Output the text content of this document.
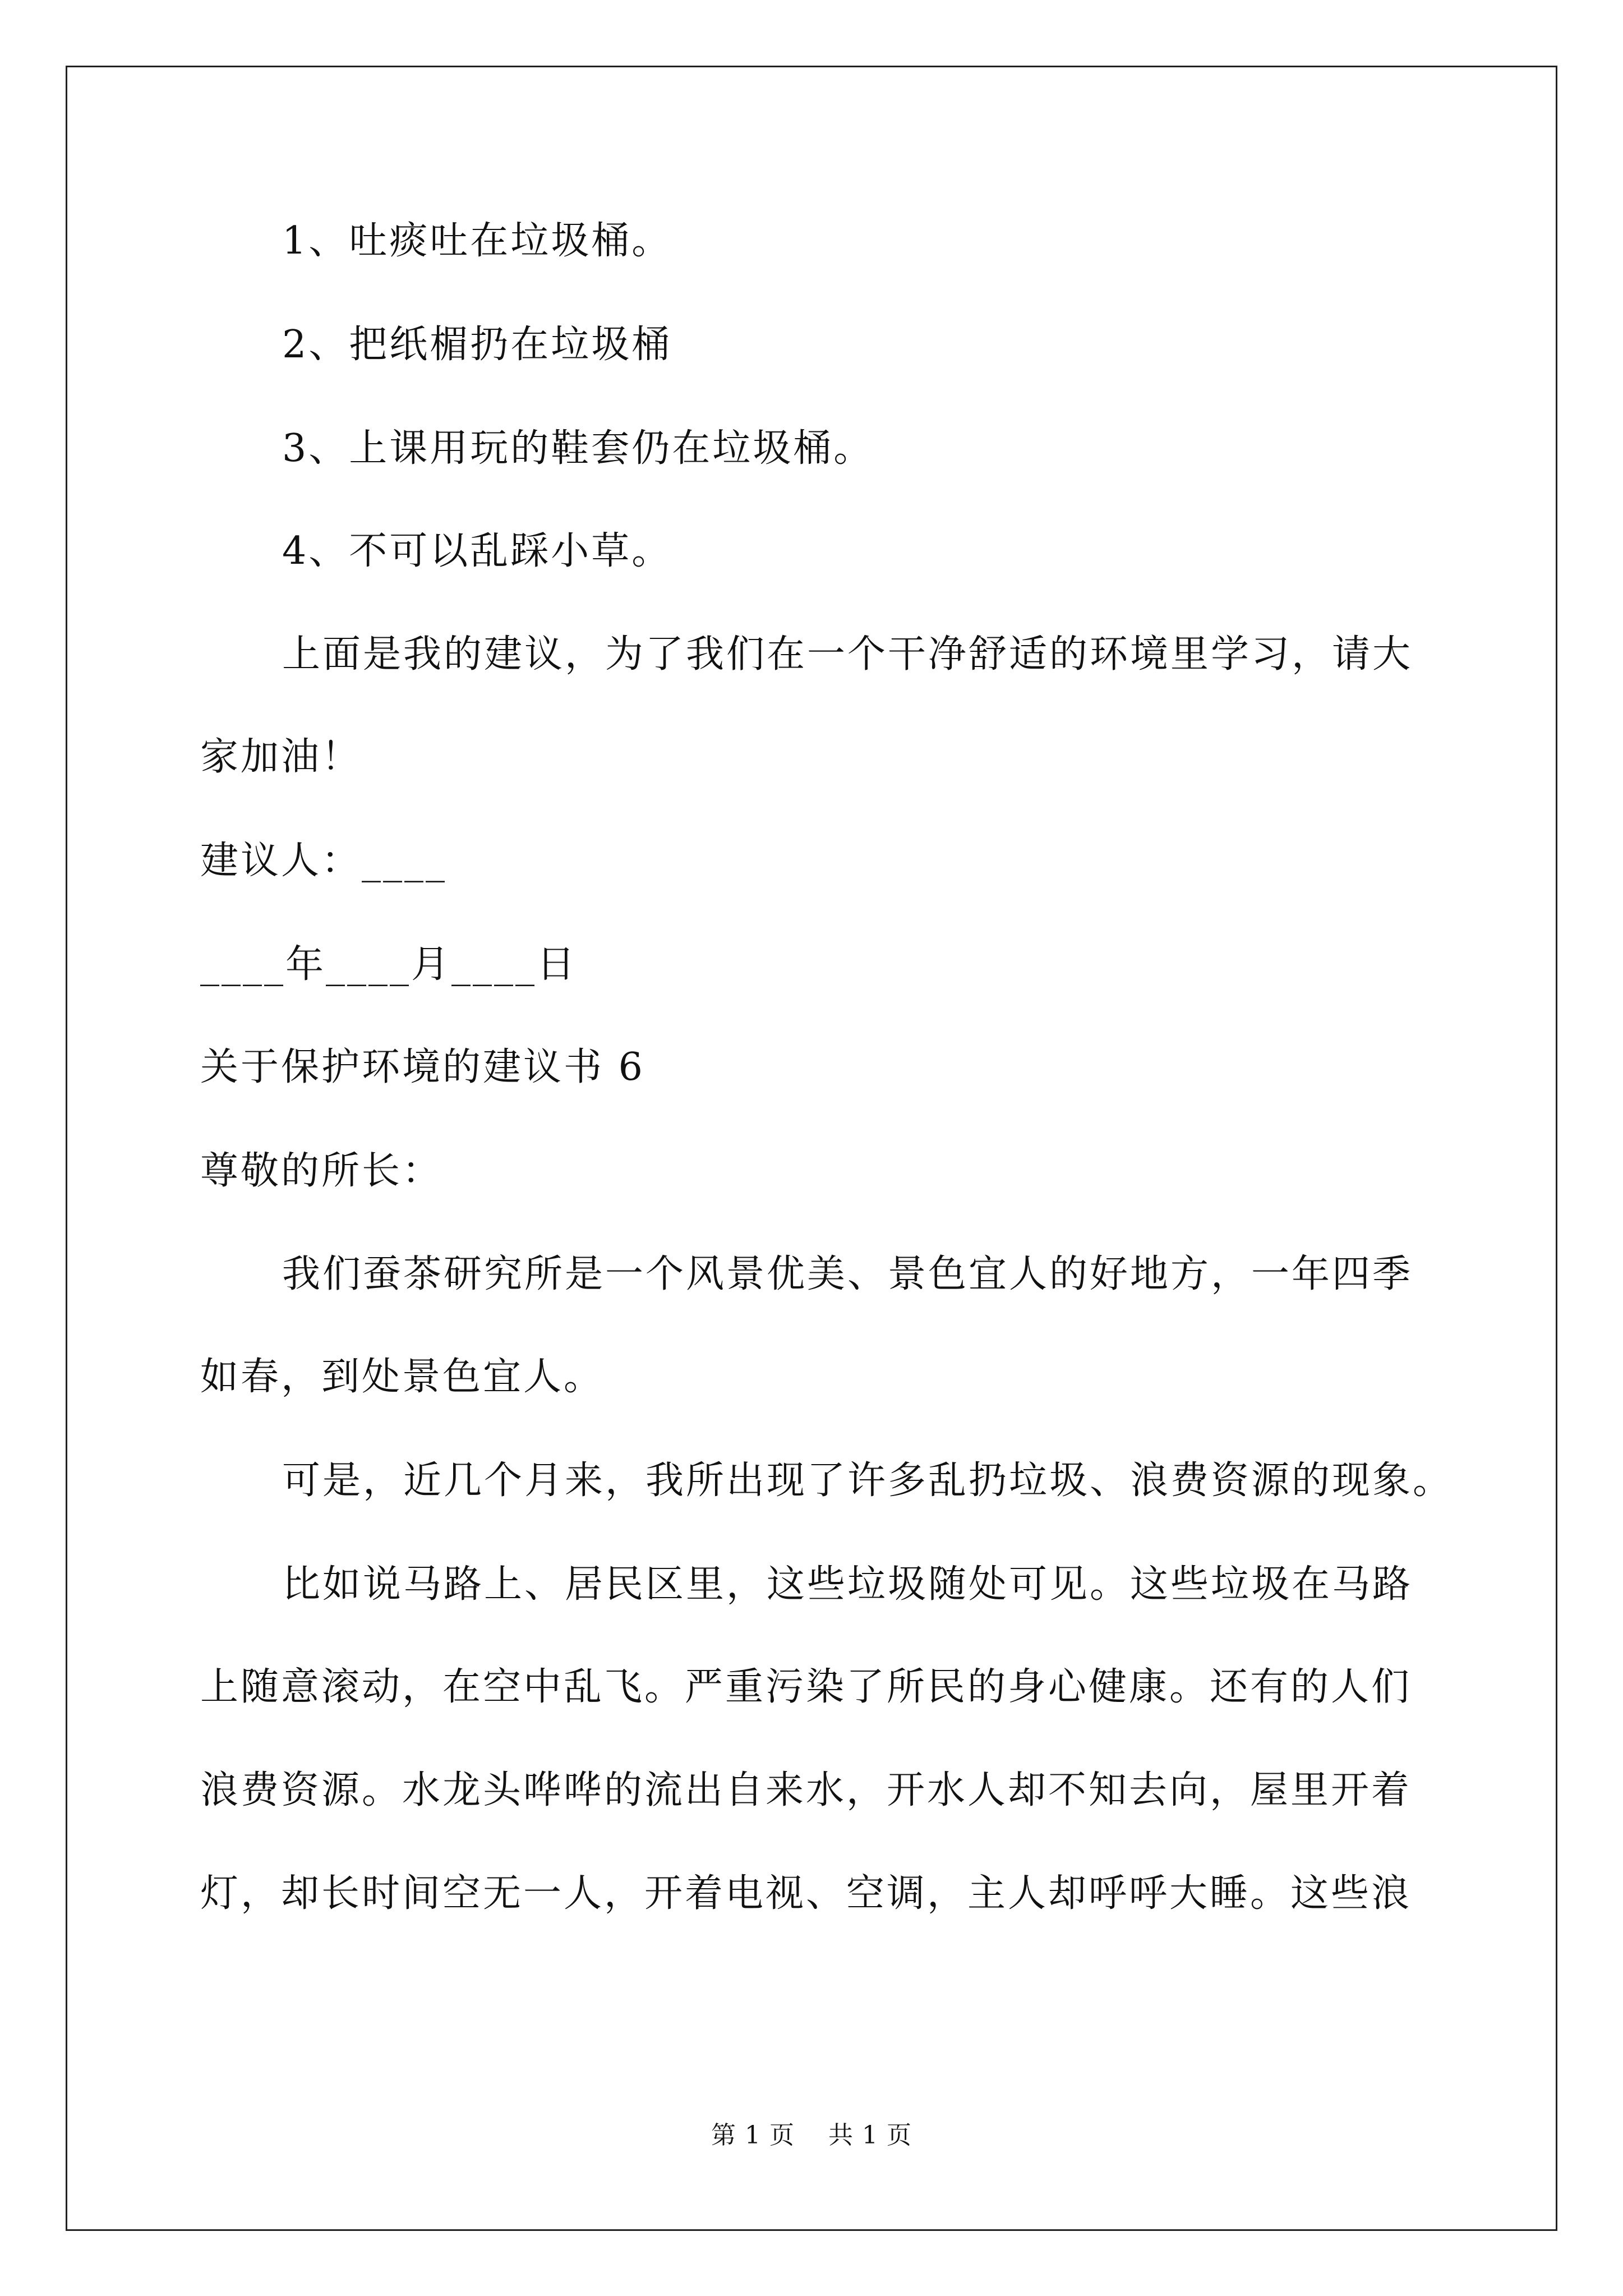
1、吐痰吐在垃圾桶。
2、把纸楣扔在垃圾桶
3、上课用玩的鞋套仍在垃圾桶。
4、不可以乱踩小草。
上面是我的建议，为了我们在一个干净舒适的环境里学习，请大
家加油！
建议人：____
____年____月____日
关于保护环境的建议书 6
尊敬的所长：
我们蚕茶研究所是一个风景优美、景色宜人的好地方，一年四季
如春，到处景色宜人。
可是，近几个月来，我所出现了许多乱扔垃圾、浪费资源的现象。
比如说马路上、居民区里，这些垃圾随处可见。这些垃圾在马路
上随意滚动，在空中乱飞。严重污染了所民的身心健康。还有的人们
浪费资源。水龙头哗哗的流出自来水，开水人却不知去向，屋里开着
灯，却长时间空无一人，开着电视、空调，主人却呼呼大睡。这些浪
第 1 页　 共 1 页
